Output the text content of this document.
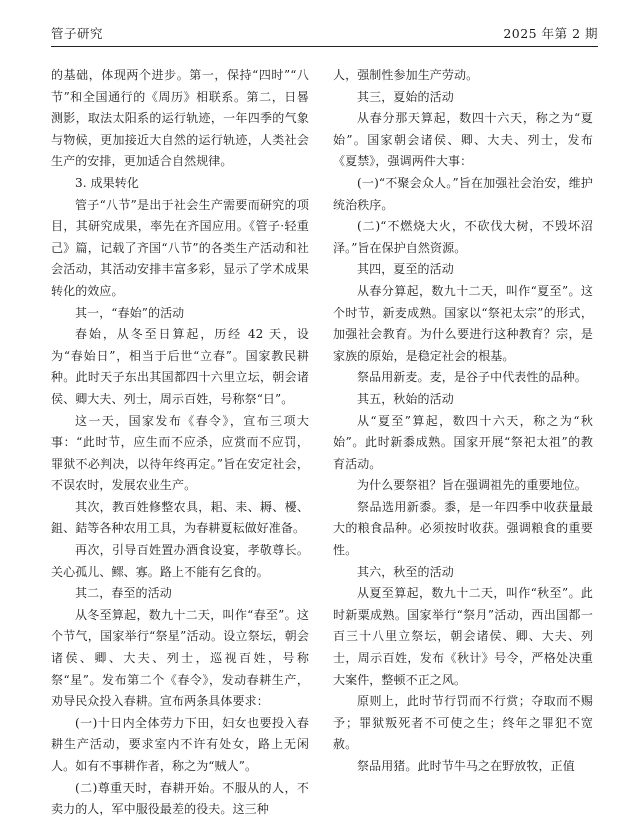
管子研究	2025 年第 2 期

的基础，体现两个进步。第一，保持“四时”“八节”和全国通行的《周历》相联系。第二，日晷测影，取法太阳系的运行轨迹，一年四季的气象与物候，更加接近大自然的运行轨迹，人类社会生产的安排，更加适合自然规律。

3. 成果转化

管子“八节”是出于社会生产需要而研究的项目，其研究成果，率先在齐国应用。《管子·轻重己》篇，记载了齐国“八节”的各类生产活动和社会活动，其活动安排丰富多彩，显示了学术成果转化的效应。

其一，“春始”的活动

春始，从冬至日算起，历经 42 天，设为“春始日”，相当于后世“立春”。国家教民耕种。此时天子东出其国都四十六里立坛，朝会诸侯、卿大夫、列士，周示百姓，号称祭“日”。

这一天，国家发布《春令》，宣布三项大事：“此时节，应生而不应杀，应赏而不应罚，罪狱不必判决，以待年终再定。”旨在安定社会，不误农时，发展农业生产。

其次，教百姓修整农具，耜、耒、耨、櫌、鉏、銡等各种农用工具，为春耕夏耘做好准备。

再次，引导百姓置办酒食设宴，孝敬尊长。关心孤儿、鳏、寡。路上不能有乞食的。

其二，春至的活动

从冬至算起，数九十二天，叫作“春至”。这个节气，国家举行“祭星”活动。设立祭坛，朝会诸侯、卿、大夫、列士，巡视百姓，号称祭“星”。发布第二个《春令》，发动春耕生产，劝导民众投入春耕。宣布两条具体要求：

(一)十日内全体劳力下田，妇女也要投入春耕生产活动，要求室内不许有处女，路上无闲人。如有不事耕作者，称之为“贼人”。

(二)尊重天时，春耕开始。不服从的人，不卖力的人，军中服役最差的役夫。这三种

人，强制性参加生产劳动。

其三，夏始的活动

从春分那天算起，数四十六天，称之为“夏始”。国家朝会诸侯、卿、大夫、列士，发布《夏禁》，强调两件大事：

(一)“不聚会众人。”旨在加强社会治安，维护统治秩序。

(二)“不燃烧大火，不砍伐大树，不毁坏沼泽。”旨在保护自然资源。

其四，夏至的活动

从春分算起，数九十二天，叫作“夏至”。这个时节，新麦成熟。国家以“祭祀太宗”的形式，加强社会教育。为什么要进行这种教育？宗，是家族的原始，是稳定社会的根基。

祭品用新麦。麦，是谷子中代表性的品种。

其五，秋始的活动

从“夏至”算起，数四十六天，称之为“秋始”。此时新黍成熟。国家开展“祭祀太祖”的教育活动。

为什么要祭祖？旨在强调祖先的重要地位。

祭品选用新黍。黍，是一年四季中收获量最大的粮食品种。必须按时收获。强调粮食的重要性。

其六，秋至的活动

从夏至算起，数九十二天，叫作“秋至”。此时新粟成熟。国家举行“祭月”活动，西出国都一百三十八里立祭坛，朝会诸侯、卿、大夫、列士，周示百姓，发布《秋计》号令，严格处决重大案件，整顿不正之风。

原则上，此时节行罚而不行赏；夺取而不赐予；罪狱叛死者不可使之生；终年之罪犯不宽赦。

祭品用猪。此时节牛马之在野放牧，正值
